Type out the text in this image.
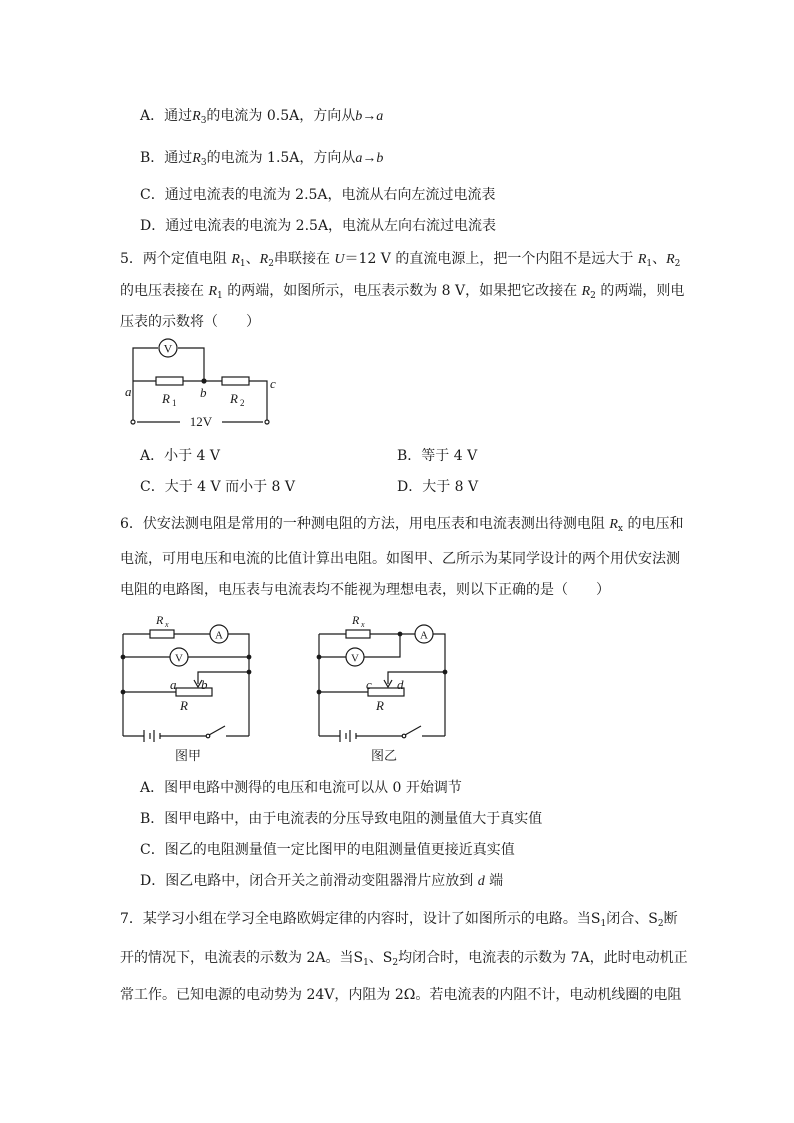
A．通过$R_3$的电流为 0.5A，方向从b→a
B．通过$R_3$的电流为 1.5A，方向从a→b
C．通过电流表的电流为 2.5A，电流从右向左流过电流表
D．通过电流表的电流为 2.5A，电流从左向右流过电流表
5．两个定值电阻 $R_1$、$R_2$串联接在 U＝12 V 的直流电源上，把一个内阻不是远大于 $R_1$、$R_2$
的电压表接在 $R_1$ 的两端，如图所示，电压表示数为 8 V，如果把它改接在 $R_2$ 的两端，则电
压表的示数将（　　）
V
a	b
c
R 1	R 2
12V
A．小于 4 V	B．等于 4 V
C．大于 4 V 而小于 8 V	D．大于 8 V
6．伏安法测电阻是常用的一种测电阻的方法，用电压表和电流表测出待测电阻 $R_x$ 的电压和
电流，可用电压和电流的比值计算出电阻。如图甲、乙所示为某同学设计的两个用伏安法测
电阻的电路图，电压表与电流表均不能视为理想电表，则以下正确的是（　　）
R x
A
V
a b
R
图甲
R x
A
V
c d
R
图乙
A．图甲电路中测得的电压和电流可以从 0 开始调节
B．图甲电路中，由于电流表的分压导致电阻的测量值大于真实值
C．图乙的电阻测量值一定比图甲的电阻测量值更接近真实值
D．图乙电路中，闭合开关之前滑动变阻器滑片应放到 d 端
7．某学习小组在学习全电路欧姆定律的内容时，设计了如图所示的电路。当$S_1$闭合、$S_2$断
开的情况下，电流表的示数为 2A。当$S_1$、$S_2$均闭合时，电流表的示数为 7A，此时电动机正
常工作。已知电源的电动势为 24V，内阻为 2Ω。若电流表的内阻不计，电动机线圈的电阻
